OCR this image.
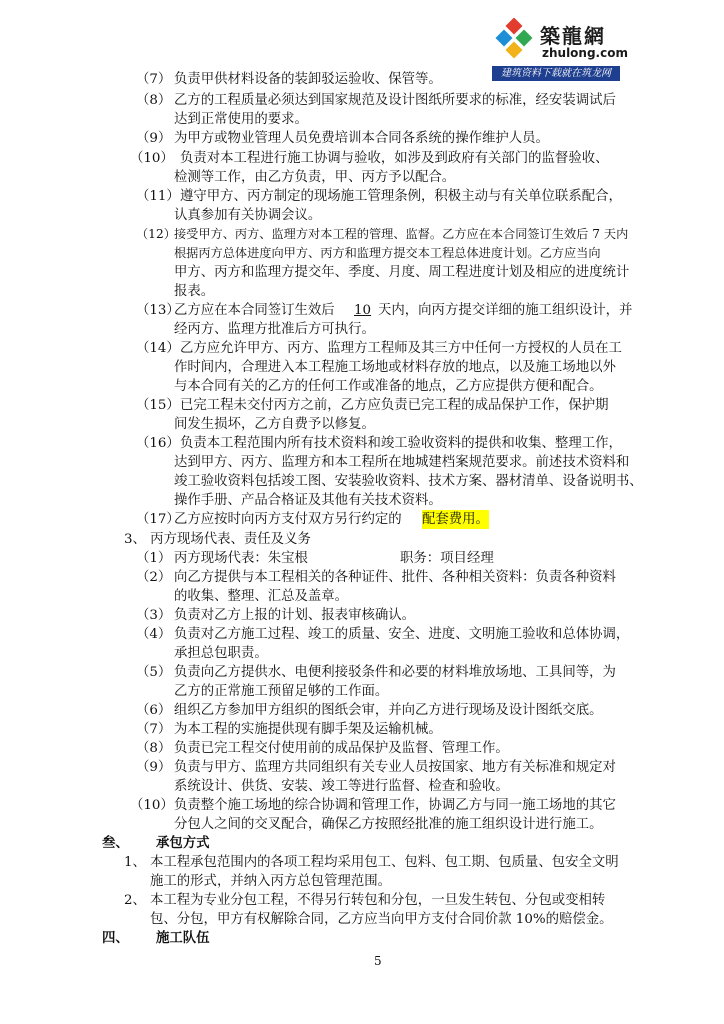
築龍網
zhulong.com
建筑资料下载就在筑龙网
（7） 负责甲供材料设备的装卸驳运验收、保管等。
（8） 乙方的工程质量必须达到国家规范及设计图纸所要求的标准，经安装调试后
达到正常使用的要求。
（9） 为甲方或物业管理人员免费培训本合同各系统的操作维护人员。
（10） 负责对本工程进行施工协调与验收，如涉及到政府有关部门的监督验收、
检测等工作，由乙方负责，甲、丙方予以配合。
（11） 遵守甲方、丙方制定的现场施工管理条例，积极主动与有关单位联系配合，
认真参加有关协调会议。
（12）
接受甲方、丙方、监理方对本工程的管理、监督。乙方应在本合同签订生效后 7 天内
根据丙方总体进度向甲方、丙方和监理方提交本工程总体进度计划。乙方应当向
甲方、丙方和监理方提交年、季度、月度、周工程进度计划及相应的进度统计
报表。
（13）
乙方应在本合同签订生效后	10 天内，向丙方提交详细的施工组织设计，并
经丙方、监理方批准后方可执行。
（14） 乙方应允许甲方、丙方、监理方工程师及其三方中任何一方授权的人员在工
作时间内，合理进入本工程施工场地或材料存放的地点，以及施工场地以外
与本合同有关的乙方的任何工作或准备的地点，乙方应提供方便和配合。
（15） 已完工程未交付丙方之前，乙方应负责已完工程的成品保护工作，保护期
间发生损坏，乙方自费予以修复。
（16） 负责本工程范围内所有技术资料和竣工验收资料的提供和收集、整理工作，
达到甲方、丙方、监理方和本工程所在地城建档案规范要求。前述技术资料和
竣工验收资料包括竣工图、安装验收资料、技术方案、器材清单、设备说明书、
操作手册、产品合格证及其他有关技术资料。
（17）
乙方应按时向丙方支付双方另行约定的 配套费用。
3、 丙方现场代表、责任及义务
（1） 丙方现场代表：朱宝根	职务：项目经理
（2） 向乙方提供与本工程相关的各种证件、批件、各种相关资料：负责各种资料
的收集、整理、汇总及盖章。
（3） 负责对乙方上报的计划、报表审核确认。
（4） 负责对乙方施工过程、竣工的质量、安全、进度、文明施工验收和总体协调，
承担总包职责。
（5） 负责向乙方提供水、电便利接驳条件和必要的材料堆放场地、工具间等，为
乙方的正常施工预留足够的工作面。
（6） 组织乙方参加甲方组织的图纸会审，并向乙方进行现场及设计图纸交底。
（7） 为本工程的实施提供现有脚手架及运输机械。
（8） 负责已完工程交付使用前的成品保护及监督、管理工作。
（9） 负责与甲方、监理方共同组织有关专业人员按国家、地方有关标准和规定对
系统设计、供货、安装、竣工等进行监督、检查和验收。
（10） 负责整个施工场地的综合协调和管理工作，协调乙方与同一施工场地的其它
分包人之间的交叉配合，确保乙方按照经批准的施工组织设计进行施工。
叁、 承包方式
1、 本工程承包范围内的各项工程均采用包工、包料、包工期、包质量、包安全文明
施工的形式，并纳入丙方总包管理范围。
2、 本工程为专业分包工程，不得另行转包和分包，一旦发生转包、分包或变相转
包、分包，甲方有权解除合同，乙方应当向甲方支付合同价款 10%的赔偿金。
四、 施工队伍
5
